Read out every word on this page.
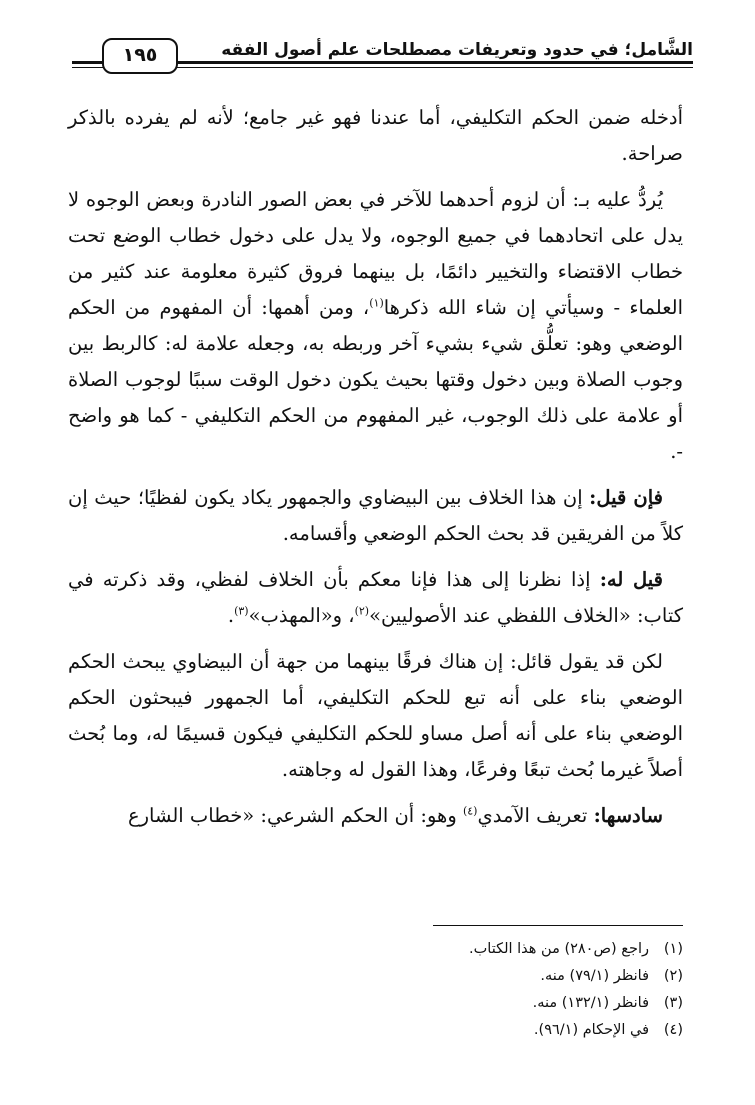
الشَّامل؛ في حدود وتعريفات مصطلحات علم أصول الفقه
١٩٥

أدخله ضمن الحكم التكليفي، أما عندنا فهو غير جامع؛ لأنه لم يفرده بالذكر صراحة.

يُردُّ عليه بـ: أن لزوم أحدهما للآخر في بعض الصور النادرة وبعض الوجوه لا يدل على اتحادهما في جميع الوجوه، ولا يدل على دخول خطاب الوضع تحت خطاب الاقتضاء والتخيير دائمًا، بل بينهما فروق كثيرة معلومة عند كثير من العلماء - وسيأتي إن شاء الله ذكرها$^{(١)}$، ومن أهمها: أن المفهوم من الحكم الوضعي وهو: تعلُّق شيء بشيء آخر وربطه به، وجعله علامة له: كالربط بين وجوب الصلاة وبين دخول وقتها بحيث يكون دخول الوقت سببًا لوجوب الصلاة أو علامة على ذلك الوجوب، غير المفهوم من الحكم التكليفي - كما هو واضح -.

فإن قيل: إن هذا الخلاف بين البيضاوي والجمهور يكاد يكون لفظيًا؛ حيث إن كلاً من الفريقين قد بحث الحكم الوضعي وأقسامه.

قيل له: إذا نظرنا إلى هذا فإنا معكم بأن الخلاف لفظي، وقد ذكرته في كتاب: «الخلاف اللفظي عند الأصوليين»$^{(٢)}$، و«المهذب»$^{(٣)}$.

لكن قد يقول قائل: إن هناك فرقًا بينهما من جهة أن البيضاوي يبحث الحكم الوضعي بناء على أنه تبع للحكم التكليفي، أما الجمهور فيبحثون الحكم الوضعي بناء على أنه أصل مساو للحكم التكليفي فيكون قسيمًا له، وما بُحث أصلاً غيرما بُحث تبعًا وفرعًا، وهذا القول له وجاهته.

سادسها: تعريف الآمدي$^{(٤)}$ وهو: أن الحكم الشرعي: «خطاب الشارع

(١)راجع (ص٢٨٠) من هذا الكتاب.
(٢)فانظر (٧٩/١) منه.
(٣)فانظر (١٣٢/١) منه.
(٤)في الإحكام (٩٦/١).
